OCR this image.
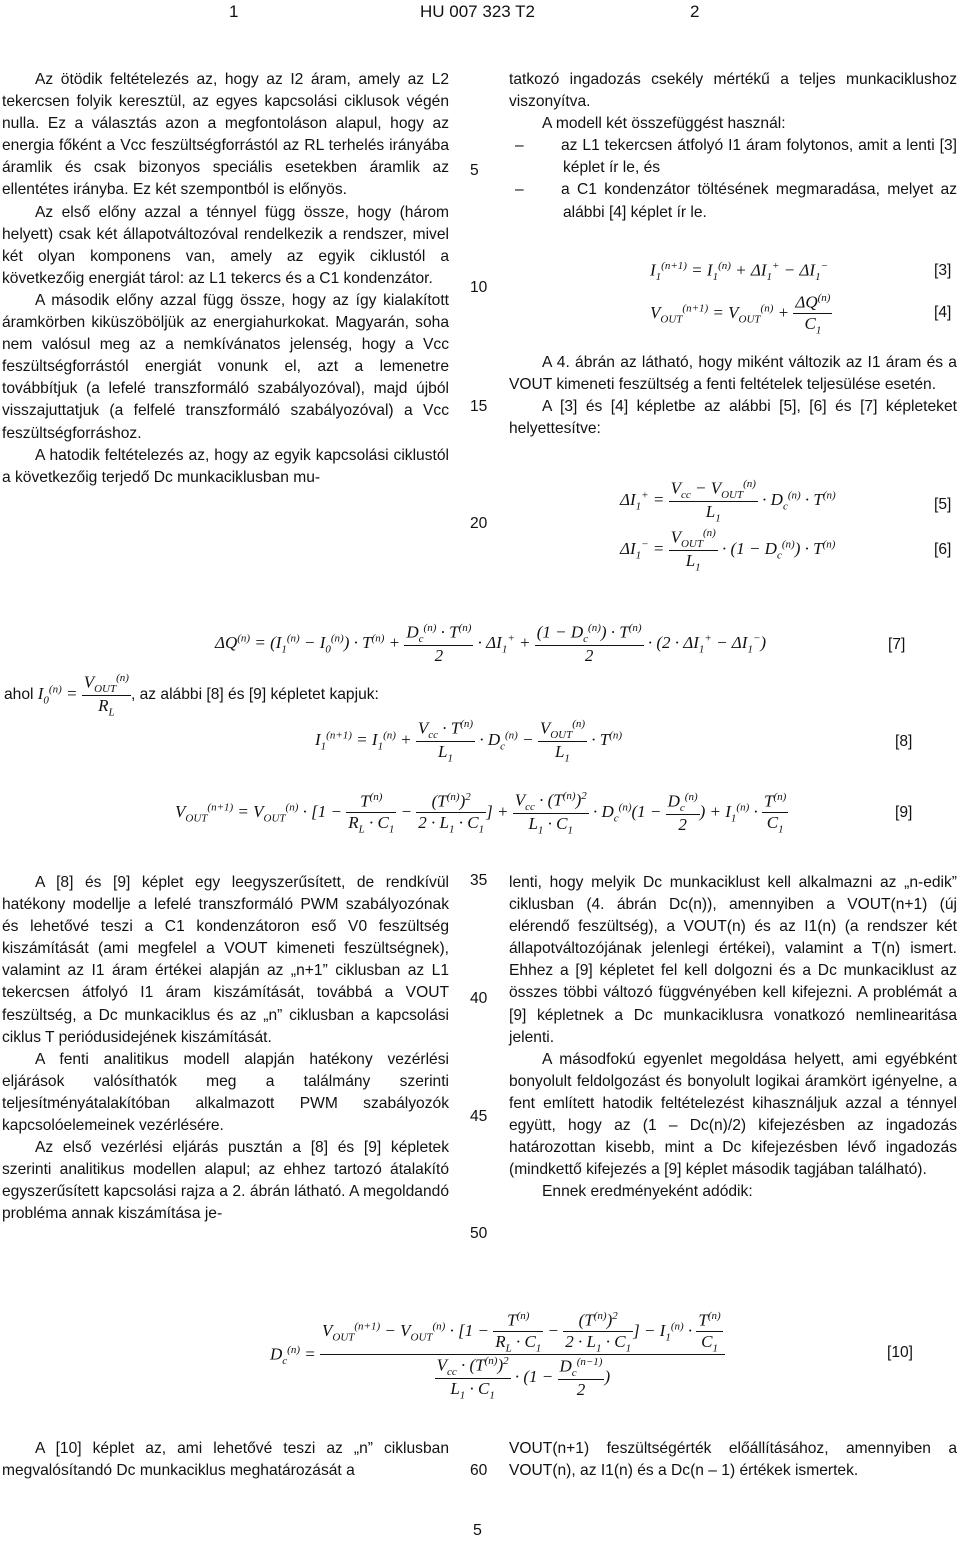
1	HU 007 323 T2	2
5
10
15
20
35
40
45
50
60

Az ötödik feltételezés az, hogy az I2 áram, amely az L2 tekercsen folyik keresztül, az egyes kapcsolási ciklusok végén nulla. Ez a választás azon a megfontoláson alapul, hogy az energia főként a Vcc feszültségforrástól az RL terhelés irányába áramlik és csak bizonyos speciális esetekben áramlik az ellentétes irányba. Ez két szempontból is előnyös.

Az első előny azzal a ténnyel függ össze, hogy (három helyett) csak két állapotváltozóval rendelkezik a rendszer, mivel két olyan komponens van, amely az egyik ciklustól a következőig energiát tárol: az L1 tekercs és a C1 kondenzátor.

A második előny azzal függ össze, hogy az így kialakított áramkörben kiküszöböljük az energiahurkokat. Magyarán, soha nem valósul meg az a nemkívánatos jelenség, hogy a Vcc feszültségforrástól energiát vonunk el, azt a lemenetre továbbítjuk (a lefelé transzformáló szabályozóval), majd újból visszajuttatjuk (a felfelé transzformáló szabályozóval) a Vcc feszültségforráshoz.

A hatodik feltételezés az, hogy az egyik kapcsolási ciklustól a következőig terjedő Dc munkaciklusban mu-

tatkozó ingadozás csekély mértékű a teljes munkaciklushoz viszonyítva.

A modell két összefüggést használ:

– az L1 tekercsen átfolyó I1 áram folytonos, amit a lenti [3] képlet ír le, és

– a C1 kondenzátor töltésének megmaradása, melyet az alábbi [4] képlet ír le.

$I_1^{(n+1)} = I_1^{(n)} + \Delta I_1^+ - \Delta I_1^-$	[3]
$V_{OUT}^{(n+1)} = V_{OUT}^{(n)} + \frac{\Delta Q^{(n)}}{C_1}$	[4]

A 4. ábrán az látható, hogy miként változik az I1 áram és a VOUT kimeneti feszültség a fenti feltételek teljesülése esetén.

A [3] és [4] képletbe az alábbi [5], [6] és [7] képleteket helyettesítve:

$\Delta I_1^+ = \frac{V_{cc} - V_{OUT}^{(n)}}{L_1} \cdot D_c^{(n)} \cdot T^{(n)}$
[5]
$\Delta I_1^- = \frac{V_{OUT}^{(n)}}{L_1} \cdot (1 - D_c^{(n)}) \cdot T^{(n)}$	[6]
$\Delta Q^{(n)} = (I_1^{(n)} - I_0^{(n)}) \cdot T^{(n)} + \frac{D_c^{(n)} \cdot T^{(n)}}{2} \cdot \Delta I_1^+ + \frac{(1 - D_c^{(n)}) \cdot T^{(n)}}{2} \cdot (2 \cdot \Delta I_1^+ - \Delta I_1^-)$	[7]
ahol $I_0^{(n)} = \frac{V_{OUT}^{(n)}}{R_L}$ , az alábbi [8] és [9] képletet kapjuk:
$I_1^{(n+1)} = I_1^{(n)} + \frac{V_{cc} \cdot T^{(n)}}{L_1} \cdot D_c^{(n)} - \frac{V_{OUT}^{(n)}}{L_1} \cdot T^{(n)}$	[8]
$V_{OUT}^{(n+1)} = V_{OUT}^{(n)} \cdot [1 - \frac{T^{(n)}}{R_L \cdot C_1} - \frac{(T^{(n)})^2}{2 \cdot L_1 \cdot C_1}$ ] + $\frac{V_{cc} \cdot (T^{(n)})^2}{L_1 \cdot C_1} \cdot D_c^{(n)}(1 - \frac{D_c^{(n)}}{2}$ ) + $I_1^{(n)} \cdot \frac{T^{(n)}}{C_1}$	[9]

A [8] és [9] képlet egy leegyszerűsített, de rendkívül hatékony modellje a lefelé transzformáló PWM szabályozónak és lehetővé teszi a C1 kondenzátoron eső V0 feszültség kiszámítását (ami megfelel a VOUT kimeneti feszültségnek), valamint az I1 áram értékei alapján az „n+1” ciklusban az L1 tekercsen átfolyó I1 áram kiszámítását, továbbá a VOUT feszültség, a Dc munkaciklus és az „n” ciklusban a kapcsolási ciklus T periódusidejének kiszámítását.

A fenti analitikus modell alapján hatékony vezérlési eljárások valósíthatók meg a találmány szerinti teljesítményátalakítóban alkalmazott PWM szabályozók kapcsolóelemeinek vezérlésére.

Az első vezérlési eljárás pusztán a [8] és [9] képletek szerinti analitikus modellen alapul; az ehhez tartozó átalakító egyszerűsített kapcsolási rajza a 2. ábrán látható. A megoldandó probléma annak kiszámítása je-

lenti, hogy melyik Dc munkaciklust kell alkalmazni az „n-edik” ciklusban (4. ábrán Dc(n)), amennyiben a VOUT(n+1) (új elérendő feszültség), a VOUT(n) és az I1(n) (a rendszer két állapotváltozójának jelenlegi értékei), valamint a T(n) ismert. Ehhez a [9] képletet fel kell dolgozni és a Dc munkaciklust az összes többi változó függvényében kell kifejezni. A problémát a [9] képletnek a Dc munkaciklusra vonatkozó nemlinearitása jelenti.

A másodfokú egyenlet megoldása helyett, ami egyébként bonyolult feldolgozást és bonyolult logikai áramkört igényelne, a fent említett hatodik feltételezést kihasználjuk azzal a ténnyel együtt, hogy az (1 – Dc(n)/2) kifejezésben az ingadozás határozottan kisebb, mint a Dc kifejezésben lévő ingadozás (mindkettő kifejezés a [9] képlet második tagjában található).

Ennek eredményeként adódik:

$D_c^{(n)}$ =
$V_{OUT}^{(n+1)} - V_{OUT}^{(n)} \cdot [1 - \frac{T^{(n)}}{R_L \cdot C_1} - \frac{(T^{(n)})^2}{2 \cdot L_1 \cdot C_1}$ ] − $I_1^{(n)} \cdot \frac{T^{(n)}}{C_1}$
$\frac{V_{cc} \cdot (T^{(n)})^2}{L_1 \cdot C_1} \cdot (1 - \frac{D_c^{(n-1)}}{2}$ )
[10]

A [10] képlet az, ami lehetővé teszi az „n” ciklusban megvalósítandó Dc munkaciklus meghatározását a

VOUT(n+1) feszültségérték előállításához, amennyiben a VOUT(n), az I1(n) és a Dc(n – 1) értékek ismertek.

5
